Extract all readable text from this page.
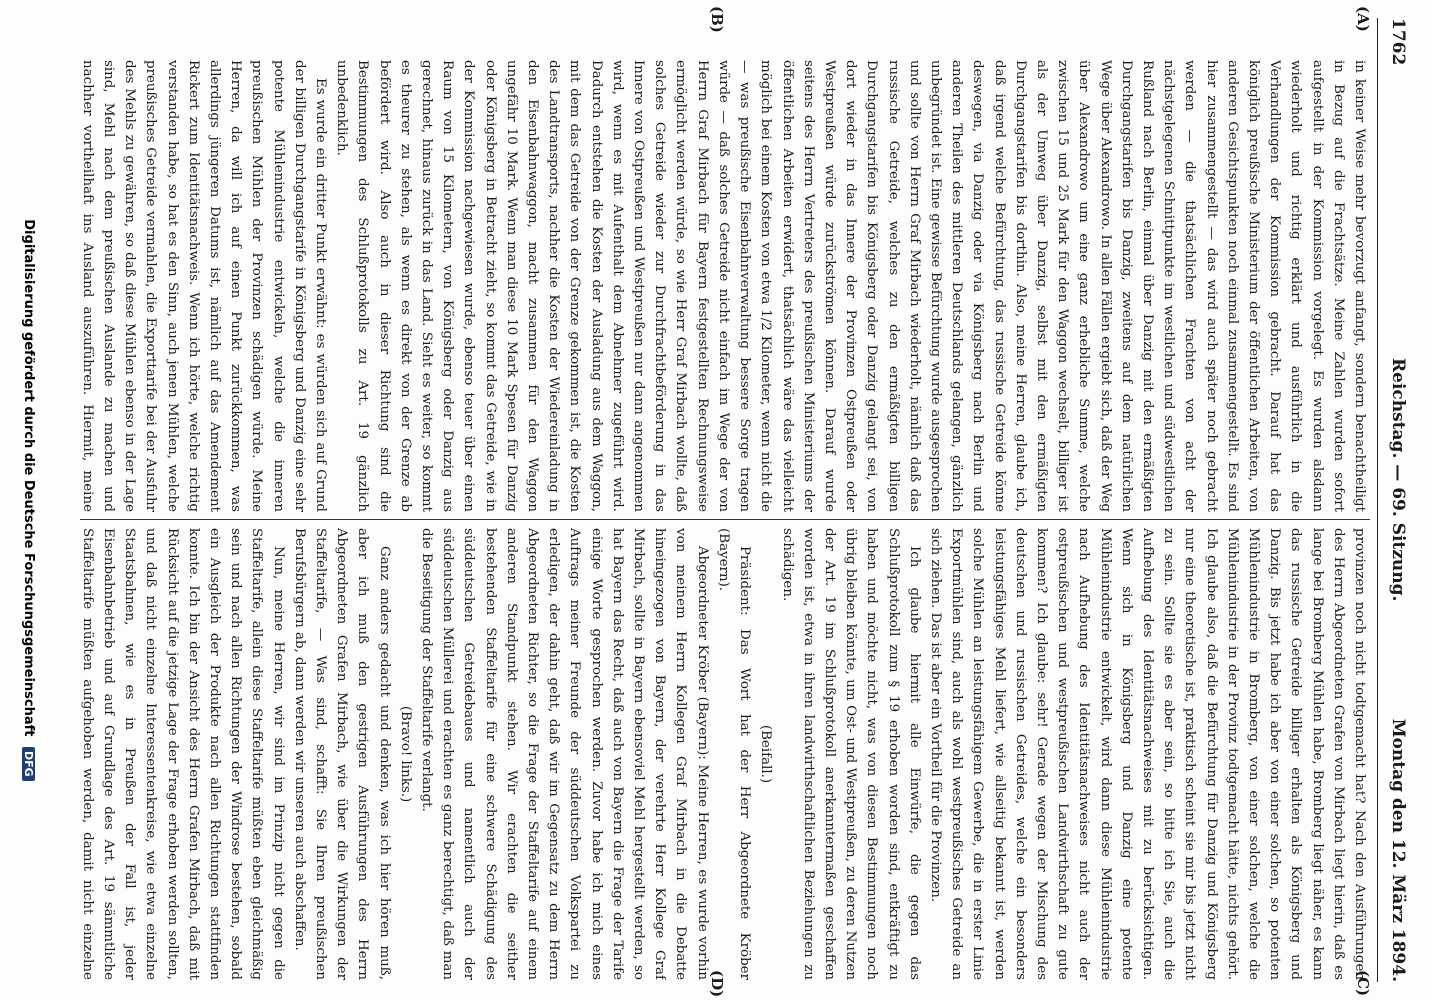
1762
Reichstag. — 69. Sitzung.
Montag den 12. März 1894.
(A)
(B)
(C)
(D)

in keiner Weise mehr bevorzugt anfangt, sondern benachtheiligt in Bezug auf die Frachtsätze. Meine Zahlen wurden sofort aufgestellt in der Kommission vorgelegt. Es wurden alsdann wiederholt und richtig erklärt und ausführlich in die Verhandlungen der Kommission gebracht. Darauf hat das königlich preußische Ministerium der öffentlichen Arbeiten, von anderen Gesichtspunkten noch einmal zusammengestellt. Es sind hier zusammengestellt — das wird auch später noch gebracht werden — die thatsächlichen Frachten von acht der nächstgelegenen Schnittpunkte im westlichen und südwestlichen Rußland nach Berlin, einmal über Danzig mit den ermäßigten Durchgangstarifen bis Danzig, zweitens auf dem natürlichen Wege über Alexandrowo. In allen Fällen ergiebt sich, daß der Weg über Alexandrowo um eine ganz erhebliche Summe, welche zwischen 15 und 25 Mark für den Waggon wechselt, billiger ist als der Umweg über Danzig, selbst mit den ermäßigten Durchgangstarifen bis dorthin. Also, meine Herren, glaube ich, daß irgend welche Befürchtung, das russische Getreide könne deswegen, via Danzig oder via Königsberg nach Berlin und anderen Theilen des mittleren Deutschlands gelangen, gänzlich unbegründet ist. Eine gewisse Befürchtung wurde ausgesprochen und sollte von Herrn Graf Mirbach wiederholt, nämlich daß das russische Getreide, welches zu den ermäßigten billigen Durchgangstarifen bis Königsberg oder Danzig gelangt sei, von dort wieder in das Innere der Provinzen Ostpreußen oder Westpreußen würde zurückströmen können. Darauf wurde seitens des Herrn Vertreters des preußischen Ministeriums der öffentlichen Arbeiten erwidert, thatsächlich wäre das vielleicht möglich bei einem Kosten von etwa 1/2 Kilometer, wenn nicht die — was preußische Eisenbahnverwaltung bessere Sorge tragen würde — daß solches Getreide nicht einfach im Wege der von Herrn Graf Mirbach für Bayern festgestellten Rechnungsweise ermöglicht werden würde, so wie Herr Graf Mirbach wollte, daß solches Getreide wieder zur Durchfrachtbeförderung in das Innere von Ostpreußen und Westpreußen nur dann angenommen wird, wenn es mit Aufenthalt dem Abnehmer zugeführt wird. Dadurch entstehen die Kosten der Ausladung aus dem Waggon, mit dem das Getreide von der Grenze gekommen ist, die Kosten des Landtransports, nachher die Kosten der Wiedereinladung in den Eisenbahnwaggon, macht zusammen für den Waggon ungefähr 10 Mark. Wenn man diese 10 Mark Spesen für Danzig oder Königsberg in Betracht zieht, so kommt das Getreide, wie in der Kommission nachgewiesen wurde, ebenso teuer über einen Raum von 15 Kilometern, von Königsberg oder Danzig aus gerechnet, hinaus zurück in das Land. Sieht es weiter, so kommt es theurer zu stehen, als wenn es direkt von der Grenze ab befördert wird. Also auch in dieser Richtung sind die Bestimmungen des Schlußprotokolls zu Art. 19 gänzlich unbedenklich.

Es wurde ein dritter Punkt erwähnt: es würden sich auf Grund der billigen Durchgangstarife in Königsberg und Danzig eine sehr potente Mühlenindustrie entwickeln, welche die inneren preußischen Mühlen der Provinzen schädigen würde. Meine Herren, da will ich auf einen Punkt zurückkommen, was allerdings jüngeren Datums ist, nämlich auf das Amendement Rickert zum Identitätsnachweis. Wenn ich hörte, welche richtig verstanden habe, so hat es den Sinn, auch jenen Mühlen, welche preußisches Getreide vermahlen, die Exporttarife bei der Ausfuhr des Mehls zu gewähren, so daß diese Mühlen ebenso in der Lage sind, Mehl nach dem preußischen Auslande zu machen und nachher vortheilhaft ins Ausland auszuführen. Hiermit, meine

provinzen noch nicht todtgemacht hat? Nach den Ausführungen des Herrn Abgeordneten Grafen von Mirbach liegt hierin, daß es lange bei Bromberg Mühlen habe, Bromberg liegt näher, es kann das russische Getreide billiger erhalten als Königsberg und Danzig. Bis jetzt habe ich aber von einer solchen, so potenten Mühlenindustrie in Bromberg, von einer solchen, welche die Mühlenindustrie in der Provinz todtgemacht hätte, nichts gehört. Ich glaube also, daß die Befürchtung für Danzig und Königsberg nur eine theoretische ist, praktisch scheint sie mir bis jetzt nicht zu sein. Sollte sie es aber sein, so bitte ich Sie, auch die Aufhebung des Identitätsnachweises mit zu berücksichtigen. Wenn sich in Königsberg und Danzig eine potente Mühlenindustrie entwickelt, wird dann diese Mühlenindustrie nach Aufhebung des Identitätsnachweises nicht auch der ostpreußischen und westpreußischen Landwirthschaft zu gute kommen? Ich glaube: sehr! Gerade wegen der Mischung des deutschen und russischen Getreides, welche ein besonders leistungsfähiges Mehl liefert, wie allseitig bekannt ist, werden solche Mühlen an leistungsfähigem Gewerbe, die in erster Linie Exportmühlen sind, auch als wohl westpreußisches Getreide an sich ziehen. Das ist aber ein Vortheil für die Provinzen.

Ich glaube hiermit alle Einwürfe, die gegen das Schlußprotokoll zum § 19 erhoben worden sind, entkräftigt zu haben und möchte nicht, was von diesen Bestimmungen noch übrig bleiben könnte, um Ost- und Westpreußen, zu deren Nutzen der Art. 19 im Schlußprotokoll anerkanntermaßen geschaffen worden ist, etwa in ihren landwirthschaftlichen Beziehungen zu schädigen.

(Beifall.)

Präsident: Das Wort hat der Herr Abgeordnete Kröber (Bayern).

Abgeordneter Kröber (Bayern): Meine Herren, es wurde vorhin von meinem Herrn Kollegen Graf Mirbach in die Debatte hineingezogen von Bayern, der verehrte Herr Kollege Graf Mirbach, sollte in Bayern ebensoviel Mehl hergestellt werden, so hat Bayern das Recht, daß auch von Bayern die Frage der Tarife einige Worte gesprochen werden. Zuvor habe ich mich eines Auftrags meiner Freunde der süddeutschen Volkspartei zu erledigen, der dahin geht, daß wir im Gegensatz zu dem Herrn Abgeordneten Richter, so die Frage der Staffeltarife auf einem anderen Standpunkt stehen. Wir erachten die seither bestehenden Staffeltarife für eine schwere Schädigung des süddeutschen Getreidebaues und namentlich auch der süddeutschen Müllerei und erachten es ganz berechtigt, daß man die Beseitigung der Staffeltarife verlangt.

(Bravo! links.)

Ganz anders gedacht und denken, was ich hier hören muß, aber ich muß den gestrigen Ausführungen des Herrn Abgeordneten Grafen Mirbach, wie über die Wirkungen der Staffeltarife, — Was sind, schafft: Sie Ihren preußischen Berufsbürgern ab, dann werden wir unseren auch abschaffen.

Nun, meine Herren, wir sind im Prinzip nicht gegen die Staffeltarife, allein diese Staffeltarife müßten eben gleichmäßig sein und nach allen Richtungen der Windrose bestehen, sobald ein Ausgleich der Produkte nach allen Richtungen stattfinden konnte. Ich bin der Ansicht des Herrn Grafen Mirbach, daß mit Rücksicht auf die jetzige Lage der Frage erhoben werden sollten, und daß nicht einzelne Interessentenkreise, wie etwa einzelne Staatsbahnen, wie es in Preußen der Fall ist, jeder Eisenbahnbetrieb und auf Grundlage des Art. 19 sämmtliche Staffeltarife müßten aufgehoben werden, damit nicht einzelne

Digitalisierung gefördert durch die Deutsche Forschungsgemeinschaft DFG
